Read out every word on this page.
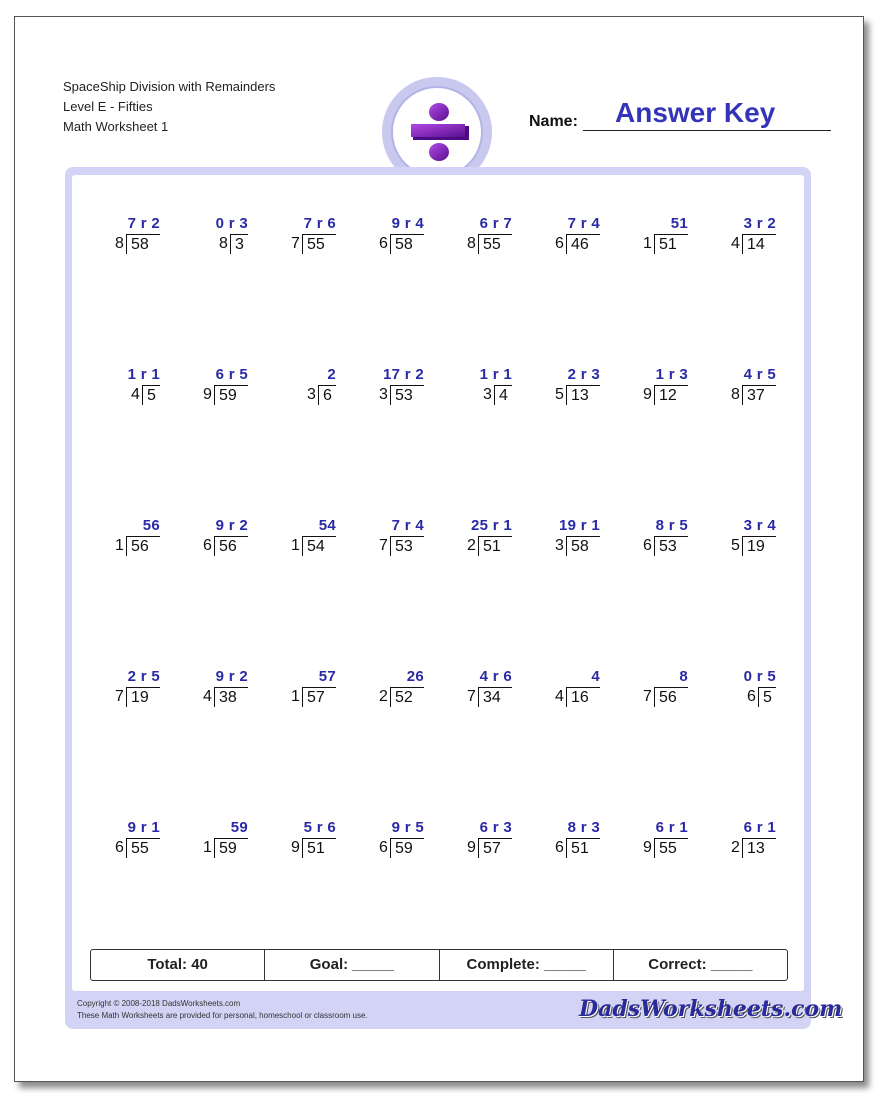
SpaceShip Division with Remainders
Level E - Fifties
Math Worksheet 1	Name: Answer Key
7 r 2
8 58
0 r 3
8 3
7 r 6
7 55
9 r 4
6 58
6 r 7
8 55
7 r 4
6 46
51
1 51
3 r 2
4 14
1 r 1
4 5
6 r 5
9 59
2
3 6
17 r 2
3 53
1 r 1
3 4
2 r 3
5 13
1 r 3
9 12
4 r 5
8 37
56
1 56
9 r 2
6 56
54
1 54
7 r 4
7 53
25 r 1
2 51
19 r 1
3 58
8 r 5
6 53
3 r 4
5 19
2 r 5
7 19
9 r 2
4 38
57
1 57
26
2 52
4 r 6
7 34
4
4 16
8
7 56
0 r 5
6 5
9 r 1
6 55
59
1 59
5 r 6
9 51
9 r 5
6 59
6 r 3
9 57
8 r 3
6 51
6 r 1
9 55
6 r 1
2 13
Total: 40	Goal: _____	Complete: _____	Correct: _____
Copyright © 2008-2018 DadsWorksheets.com
These Math Worksheets are provided for personal, homeschool or classroom use.	DadsWorksheets.com
